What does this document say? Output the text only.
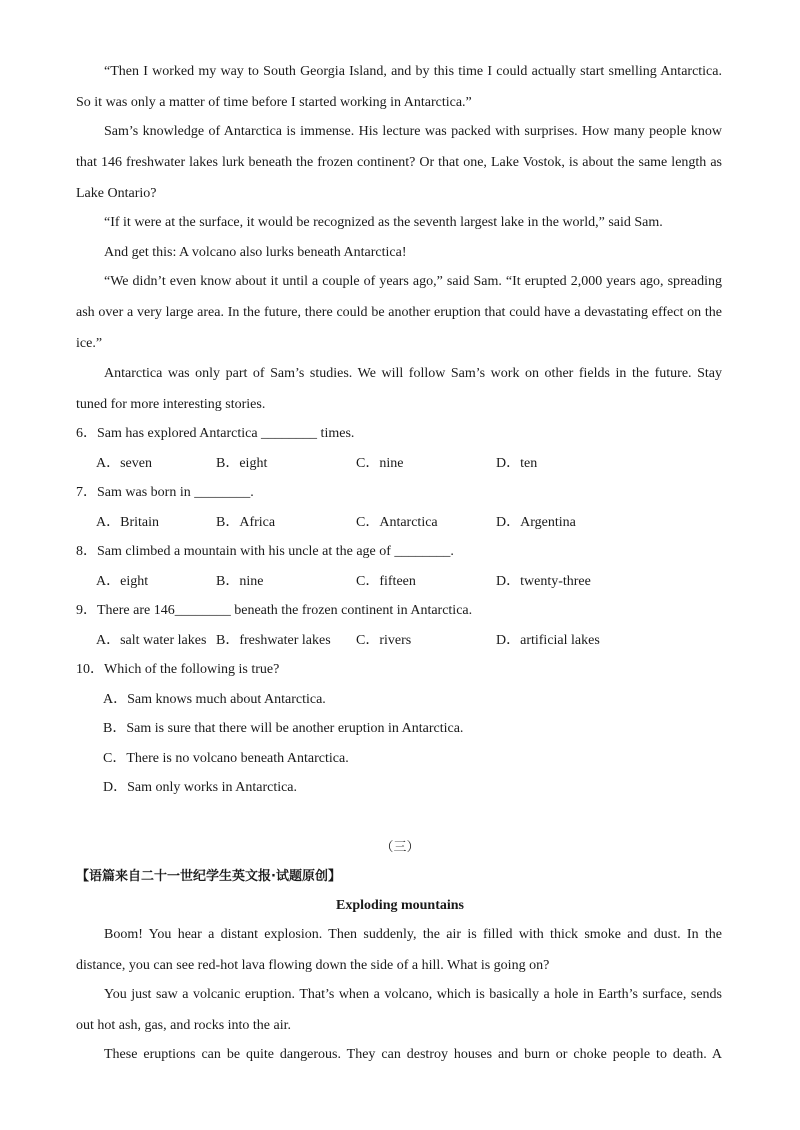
“Then I worked my way to South Georgia Island, and by this time I could actually start smelling Antarctica.
So it was only a matter of time before I started working in Antarctica.”
Sam’s knowledge of Antarctica is immense. His lecture was packed with surprises. How many people know
that 146 freshwater lakes lurk beneath the frozen continent? Or that one, Lake Vostok, is about the same length as
Lake Ontario?
“If it were at the surface, it would be recognized as the seventh largest lake in the world,” said Sam.
And get this: A volcano also lurks beneath Antarctica!
“We didn’t even know about it until a couple of years ago,” said Sam. “It erupted 2,000 years ago, spreading
ash over a very large area. In the future, there could be another eruption that could have a devastating effect on the
ice.”
Antarctica was only part of Sam’s studies. We will follow Sam’s work on other fields in the future. Stay
tuned for more interesting stories.
6．Sam has explored Antarctica ________ times.
A．seven	B．eight	C．nine	D．ten
7．Sam was born in ________.
A．Britain	B．Africa	C．Antarctica	D．Argentina
8．Sam climbed a mountain with his uncle at the age of ________.
A．eight	B．nine	C．fifteen	D．twenty-three
9．There are 146________ beneath the frozen continent in Antarctica.
A．salt water lakes B．freshwater lakes C．rivers	D．artificial lakes
10．Which of the following is true?
A．Sam knows much about Antarctica.
B．Sam is sure that there will be another eruption in Antarctica.
C．There is no volcano beneath Antarctica.
D．Sam only works in Antarctica.
（三）
【语篇来自二十一世纪学生英文报·试题原创】
Exploding mountains
Boom! You hear a distant explosion. Then suddenly, the air is filled with thick smoke and dust. In the
distance, you can see red-hot lava flowing down the side of a hill. What is going on?
You just saw a volcanic eruption. That’s when a volcano, which is basically a hole in Earth’s surface, sends
out hot ash, gas, and rocks into the air.
These eruptions can be quite dangerous. They can destroy houses and burn or choke people to death. A
